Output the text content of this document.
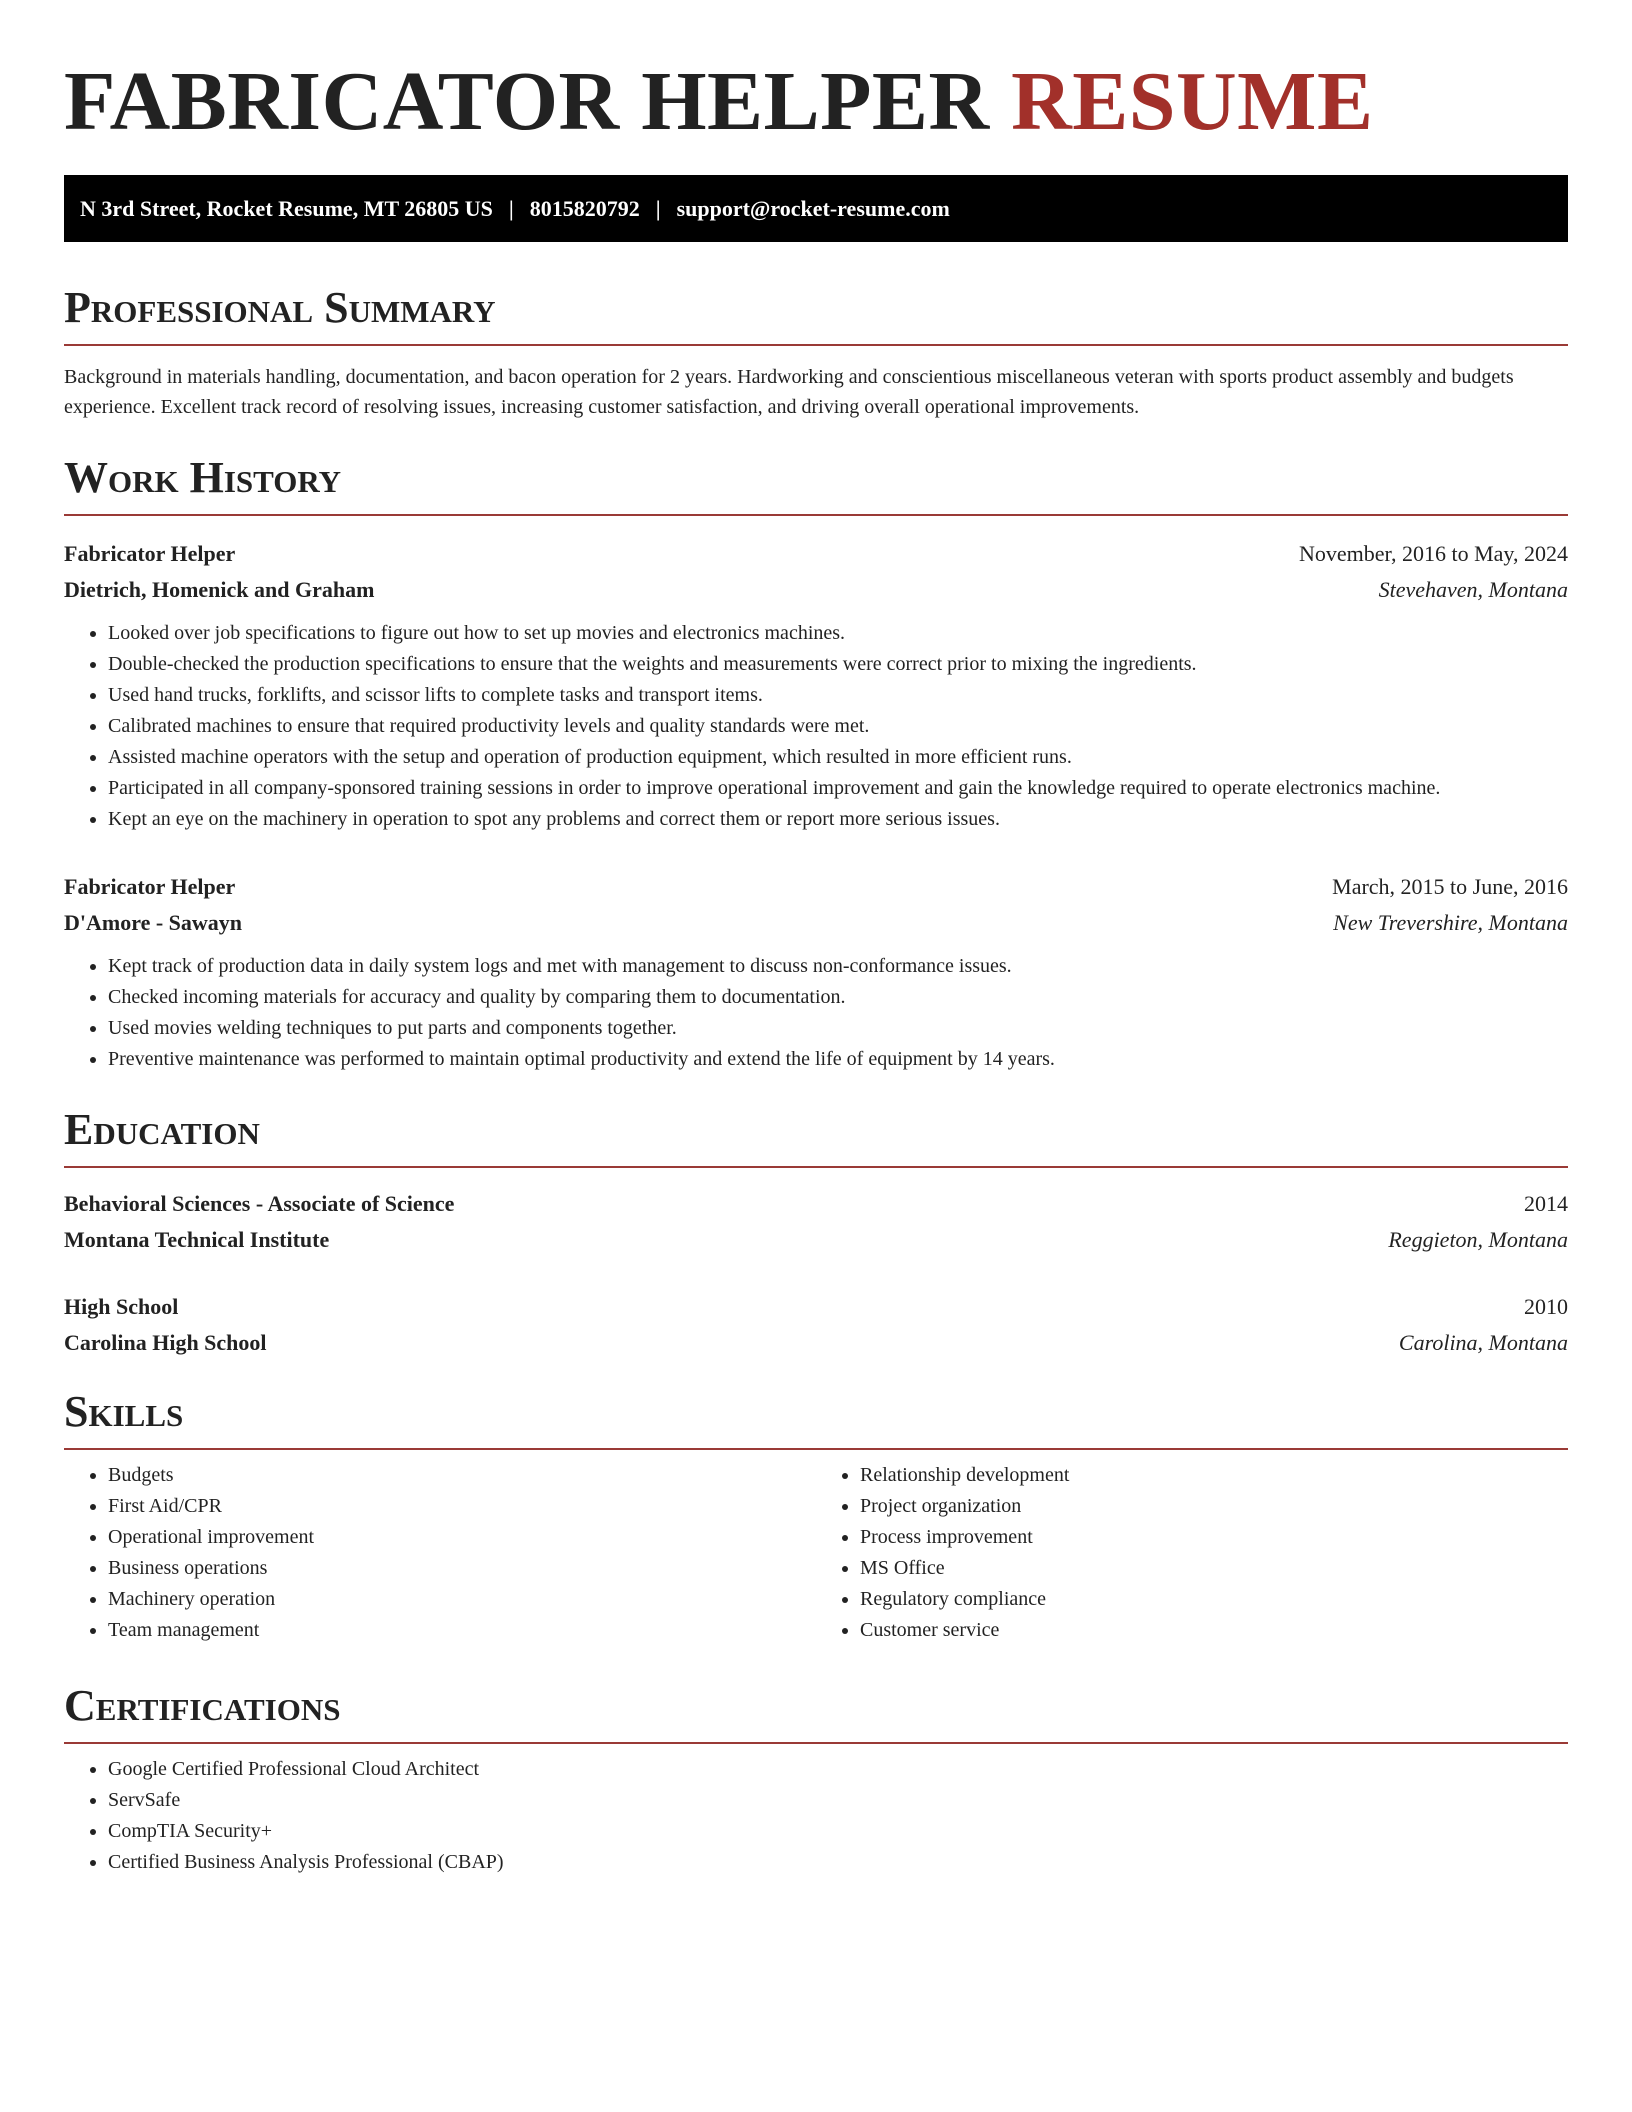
FABRICATOR HELPER RESUME
N 3rd Street, Rocket Resume, MT 26805 US | 8015820792 | support@rocket-resume.com
Professional Summary

Background in materials handling, documentation, and bacon operation for 2 years. Hardworking and conscientious miscellaneous veteran with sports product assembly and budgets experience. Excellent track record of resolving issues, increasing customer satisfaction, and driving overall operational improvements.

Work History
Fabricator Helper	November, 2016 to May, 2024
Dietrich, Homenick and Graham	Stevehaven, Montana
• Looked over job specifications to figure out how to set up movies and electronics machines.
• Double-checked the production specifications to ensure that the weights and measurements were correct prior to mixing the ingredients.
• Used hand trucks, forklifts, and scissor lifts to complete tasks and transport items.
• Calibrated machines to ensure that required productivity levels and quality standards were met.
• Assisted machine operators with the setup and operation of production equipment, which resulted in more efficient runs.
• Participated in all company-sponsored training sessions in order to improve operational improvement and gain the knowledge required to operate electronics machine.
• Kept an eye on the machinery in operation to spot any problems and correct them or report more serious issues.
Fabricator Helper	March, 2015 to June, 2016
D'Amore - Sawayn	New Trevershire, Montana
• Kept track of production data in daily system logs and met with management to discuss non-conformance issues.
• Checked incoming materials for accuracy and quality by comparing them to documentation.
• Used movies welding techniques to put parts and components together.
• Preventive maintenance was performed to maintain optimal productivity and extend the life of equipment by 14 years.
Education
Behavioral Sciences - Associate of Science	2014
Montana Technical Institute	Reggieton, Montana
High School	2010
Carolina High School	Carolina, Montana
Skills
• Budgets
• First Aid/CPR
• Operational improvement
• Business operations
• Machinery operation
• Team management
• Relationship development
• Project organization
• Process improvement
• MS Office
• Regulatory compliance
• Customer service
Certifications
• Google Certified Professional Cloud Architect
• ServSafe
• CompTIA Security+
• Certified Business Analysis Professional (CBAP)
